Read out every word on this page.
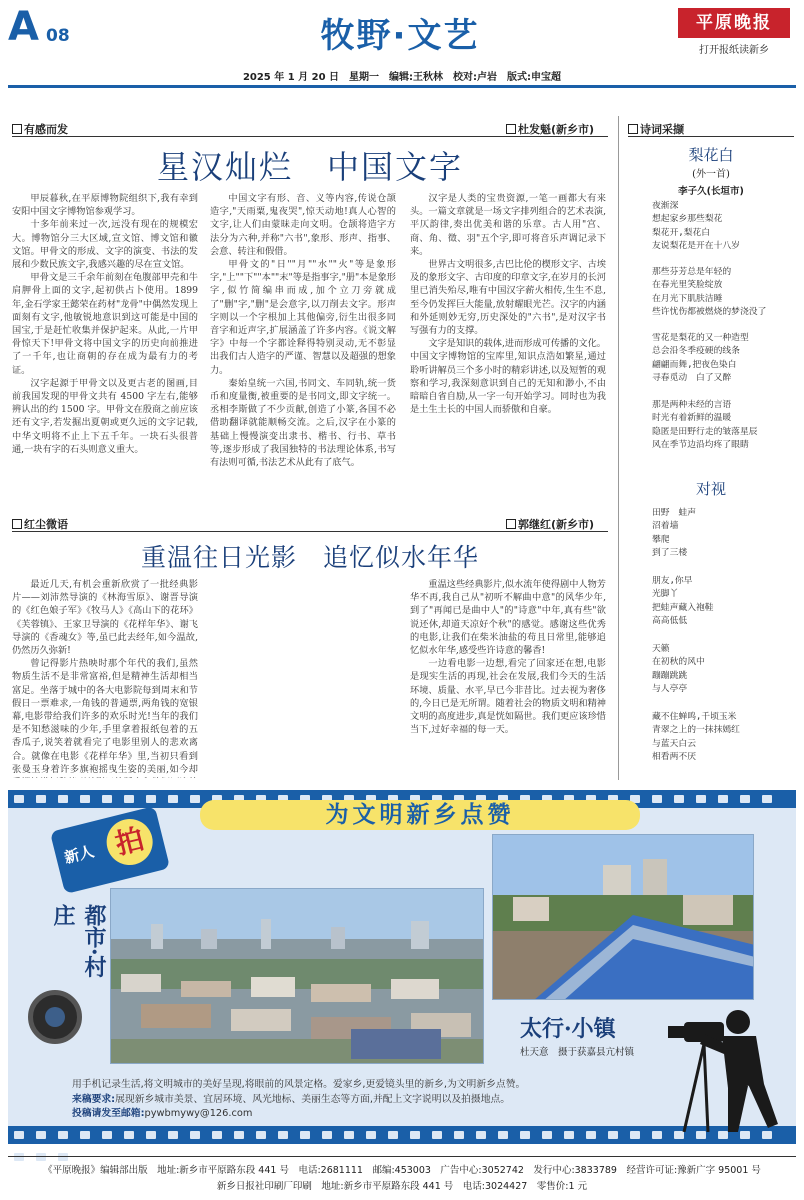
A 08	牧野·文艺	平原晚报
打开报纸读新乡
2025 年 1 月 20 日　星期一　编辑:王秋林　校对:卢岩　版式:申宝超
有感而发	杜发魁(新乡市)
星汉灿烂　中国文字

甲辰暮秋,在平原博物院组织下,我有幸到安阳中国文字博物馆参观学习。

十多年前来过一次,远没有现在的规模宏大。博物馆分三大区域,宣文馆、博文馆和徽文馆。甲骨文的形成、文字的演变、书法的发展和少数民族文字,我感兴趣的尽在宣文馆。

甲骨文是三千余年前刻在龟腹部甲壳和牛肩胛骨上面的文字,起初供占卜使用。1899 年,金石学家王懿荣在药材"龙骨"中偶然发现上面刻有文字,他敏锐地意识到这可能是中国的国宝,于是赶忙收集并保护起来。从此,一片甲骨惊天下!甲骨文将中国文字的历史向前推进了一千年,也让商朝的存在成为最有力的考证。

汉字起源于甲骨文以及更古老的图画,目前我国发现的甲骨文共有 4500 字左右,能够辨认出的约 1500 字。甲骨文在殷商之前应该还有文字,若发掘出夏朝或更久远的文字记载,中华文明将不止上下五千年。一块石头很普通,一块有字的石头则意义重大。

中国文字有形、音、义等内容,传说仓颉造字,"天雨粟,鬼夜哭",惊天动地!真人心智的文字,让人们由蒙昧走向文明。仓颉将造字方法分为六种,并称"六书",象形、形声、指事、会意、转注和假借。

甲骨文的"日""月""水""火"等是象形字,"上""下""本""末"等是指事字,"册"本是象形字,似竹简编串而成,加个立刀旁就成了"删"字,"删"是会意字,以刀削去文字。形声字则以一个字根加上其他偏旁,衍生出很多同音字和近声字,扩展涵盖了许多内容。《说文解字》中每一个字都诠释得特别灵动,无不彰显出我们古人造字的严谨、智慧以及超强的想象力。

秦始皇统一六国,书同文、车同轨,统一货币和度量衡,被重要的是书同文,即文字统一。丞相李斯做了不少贡献,创造了小篆,各国不必借助翻译就能顺畅交流。之后,汉字在小篆的基础上慢慢演变出隶书、楷书、行书、草书等,逐步形成了我国独特的书法理论体系,书写有法则可循,书法艺术从此有了底气。

汉字是人类的宝贵资源,一笔一画都大有来头。一篇文章就是一场文字排列组合的艺术表演,平仄韵律,奏出优美和谐的乐章。古人用"宫、商、角、徵、羽"五个字,即可将音乐声调记录下来。

世界古文明很多,古巴比伦的楔形文字、古埃及的象形文字、古印度的印章文字,在岁月的长河里已消失殆尽,唯有中国汉字薪火相传,生生不息,至今仍发挥巨大能量,放射耀眼光芒。汉字的内涵和外延则妙无穷,历史深处的"六书",是对汉字书写强有力的支撑。

文字是知识的载体,进而形成可传播的文化。中国文字博物馆的宝库里,知识点浩如繁星,通过聆听讲解员三个多小时的精彩讲述,以及短暂的观察和学习,我深刻意识到自己的无知和渺小,不由暗暗自省自励,从一字一句开始学习。同时也为我是土生土长的中国人而骄傲和自豪。

红尘微语	郭继红(新乡市)
重温往日光影　追忆似水年华

最近几天,有机会重新欣赏了一批经典影片——刘沛然导演的《林海雪原》、谢晋导演的《红色娘子军》《牧马人》《高山下的花环》《芙蓉镇》、王家卫导演的《花样年华》、谢飞导演的《香魂女》等,虽已此去经年,如今温故,仍然历久弥新!

曾记得影片热映时那个年代的我们,虽然物质生活不是非常富裕,但是精神生活却相当富足。坐落于城中的各大电影院每到周末和节假日一票难求,一角钱的普通票,两角钱的宽银幕,电影带给我们许多的欢乐时光!当年的我们是不知愁滋味的少年,手里拿着报纸包着的五香瓜子,说笑着就看完了电影里别人的悲欢离合。就像在电影《花样年华》里,当初只看到张曼玉身着许多旗袍摇曳生姿的美丽,如今却

重温这些经典影片,似水流年使得剧中人物芳华不再,我自己从"初听不解曲中意"的风华少年,到了"再闻已是曲中人"的"诗意"中年,真有些"欲说还休,却道天凉好个秋"的感觉。感谢这些优秀的电影,让我们在柴米油盐的苟且日常里,能够追忆似水年华,感受些许诗意的馨香!

一边看电影一边想,看完了回家还在想,电影是现实生活的再现,社会在发展,我们今天的生活环境、质量、水平,早已今非昔比。过去视为奢侈的,今日已是无所谓。随着社会的物质文明和精神文明的高度进步,真是恍如隔世。我们更应该珍惜当下,过好幸福的每一天。

诗词采撷
梨花白
(外一首)
李子久(长垣市)
夜渐深
想起家乡那些梨花
梨花开,梨花白
友说梨花是开在十八岁
那些芬芳总是年轻的
在春光里笑脸绽放
在月光下肌肤洁睡
些许忧伤都被燃烧的梦浇没了
雪花是梨花的又一种造型
总会沿冬季疫硬的线条
翩翩而舞,把夜色染白
寻春觅动　白了又醉
那是两种未经的言语
时光有着新鲜的温暖
隐匿是田野行走的皱落星辰
风在季节边沿均疼了眼睛
对视
田野　蛙声
沼着墙
攀爬
到了三楼
朋友,你早
光脚丫
把蛙声藏入袍鞋
高高低低
天籁
在初秋的风中
蹦蹦跳跳
与人亭亭
藏不住蝉鸣,千顷玉米
青翠之上的一抹抹嫣红
与蓝天白云
相看两不厌
为文明新乡点赞
新人 拍
都市·村庄
太行·小镇
杜天意　摄于获嘉县亢村镇
用手机记录生活,将文明城市的美好呈现,将眼前的风景定格。爱家乡,更爱镜头里的新乡,为文明新乡点赞。
来稿要求:展现新乡城市美景、宜居环境、风光地标、美丽生态等方面,并配上文字说明以及拍摄地点。
投稿请发至邮箱:pywbmywy@126.com
《平原晚报》编辑部出版　地址:新乡市平原路东段 441 号　电话:2681111　邮编:453003　广告中心:3052742　发行中心:3833789　经营许可证:豫新广字 95001 号
新乡日报社印刷厂印刷　地址:新乡市平原路东段 441 号　电话:3024427　零售价:1 元
